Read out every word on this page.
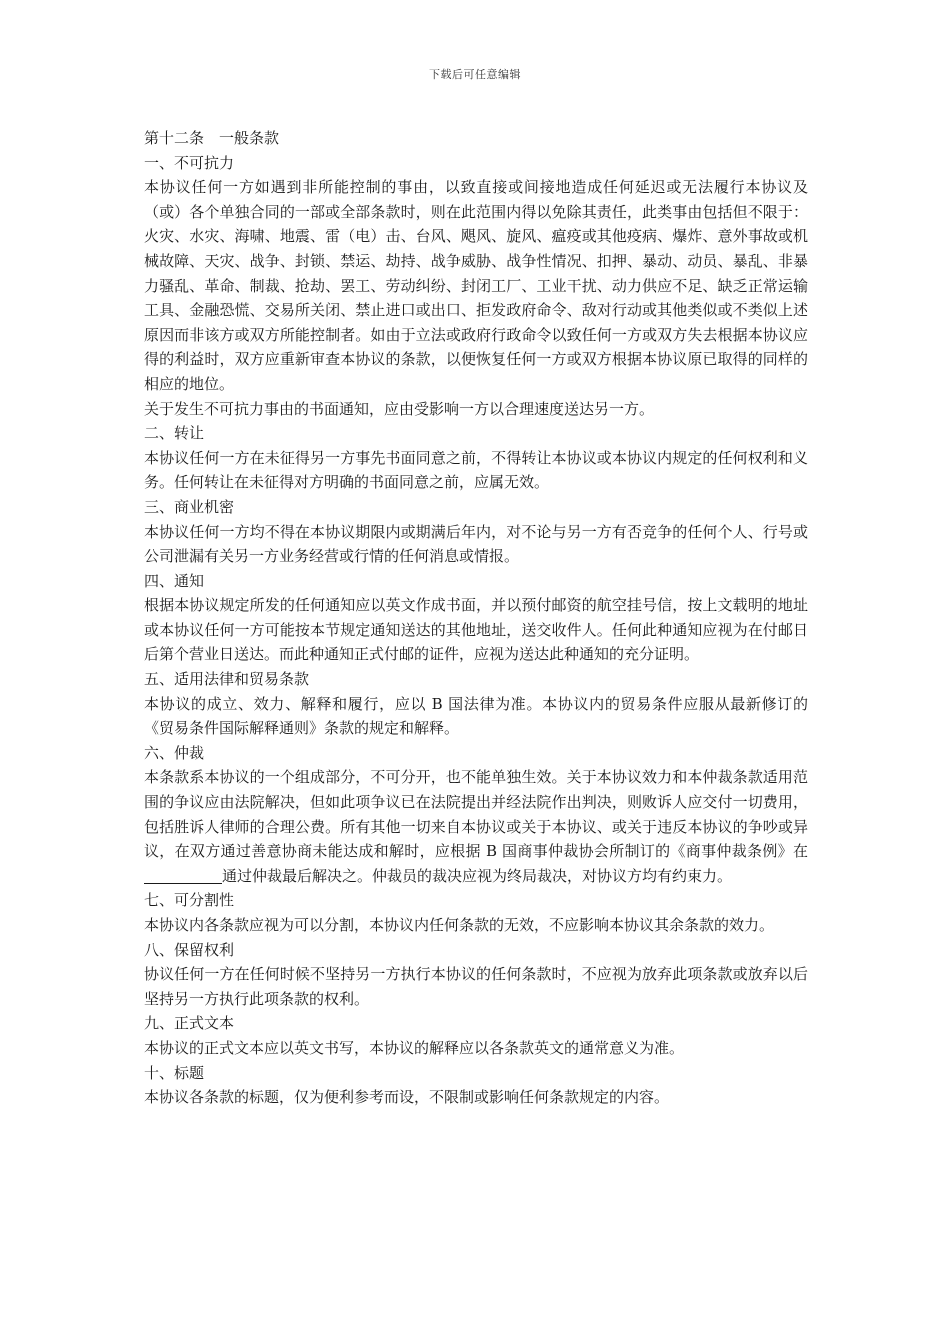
下载后可任意编辑

第十二条　一般条款

一、不可抗力

本协议任何一方如遇到非所能控制的事由，以致直接或间接地造成任何延迟或无法履行本协议及（或）各个单独合同的一部或全部条款时，则在此范围内得以免除其责任，此类事由包括但不限于：火灾、水灾、海啸、地震、雷（电）击、台风、飓风、旋风、瘟疫或其他疫病、爆炸、意外事故或机械故障、天灾、战争、封锁、禁运、劫持、战争威胁、战争性情况、扣押、暴动、动员、暴乱、非暴力骚乱、革命、制裁、抢劫、罢工、劳动纠纷、封闭工厂、工业干扰、动力供应不足、缺乏正常运输工具、金融恐慌、交易所关闭、禁止进口或出口、拒发政府命令、敌对行动或其他类似或不类似上述原因而非该方或双方所能控制者。如由于立法或政府行政命令以致任何一方或双方失去根据本协议应得的利益时，双方应重新审查本协议的条款，以便恢复任何一方或双方根据本协议原已取得的同样的相应的地位。

关于发生不可抗力事由的书面通知，应由受影响一方以合理速度送达另一方。

二、转让

本协议任何一方在未征得另一方事先书面同意之前，不得转让本协议或本协议内规定的任何权利和义务。任何转让在未征得对方明确的书面同意之前，应属无效。

三、商业机密

本协议任何一方均不得在本协议期限内或期满后年内，对不论与另一方有否竞争的任何个人、行号或公司泄漏有关另一方业务经营或行情的任何消息或情报。

四、通知

根据本协议规定所发的任何通知应以英文作成书面，并以预付邮资的航空挂号信，按上文载明的地址或本协议任何一方可能按本节规定通知送达的其他地址，送交收件人。任何此种通知应视为在付邮日后第个营业日送达。而此种通知正式付邮的证件，应视为送达此种通知的充分证明。

五、适用法律和贸易条款

本协议的成立、效力、解释和履行，应以 B 国法律为准。本协议内的贸易条件应服从最新修订的《贸易条件国际解释通则》条款的规定和解释。

六、仲裁

本条款系本协议的一个组成部分，不可分开，也不能单独生效。关于本协议效力和本仲裁条款适用范围的争议应由法院解决，但如此项争议已在法院提出并经法院作出判决，则败诉人应交付一切费用，包括胜诉人律师的合理公费。所有其他一切来自本协议或关于本协议、或关于违反本协议的争吵或异议，在双方通过善意协商未能达成和解时，应根据 B 国商事仲裁协会所制订的《商事仲裁条例》在通过仲裁最后解决之。仲裁员的裁决应视为终局裁决，对协议方均有约束力。

七、可分割性

本协议内各条款应视为可以分割，本协议内任何条款的无效，不应影响本协议其余条款的效力。

八、保留权利

协议任何一方在任何时候不坚持另一方执行本协议的任何条款时，不应视为放弃此项条款或放弃以后坚持另一方执行此项条款的权利。

九、正式文本

本协议的正式文本应以英文书写，本协议的解释应以各条款英文的通常意义为准。

十、标题

本协议各条款的标题，仅为便利参考而设，不限制或影响任何条款规定的内容。
